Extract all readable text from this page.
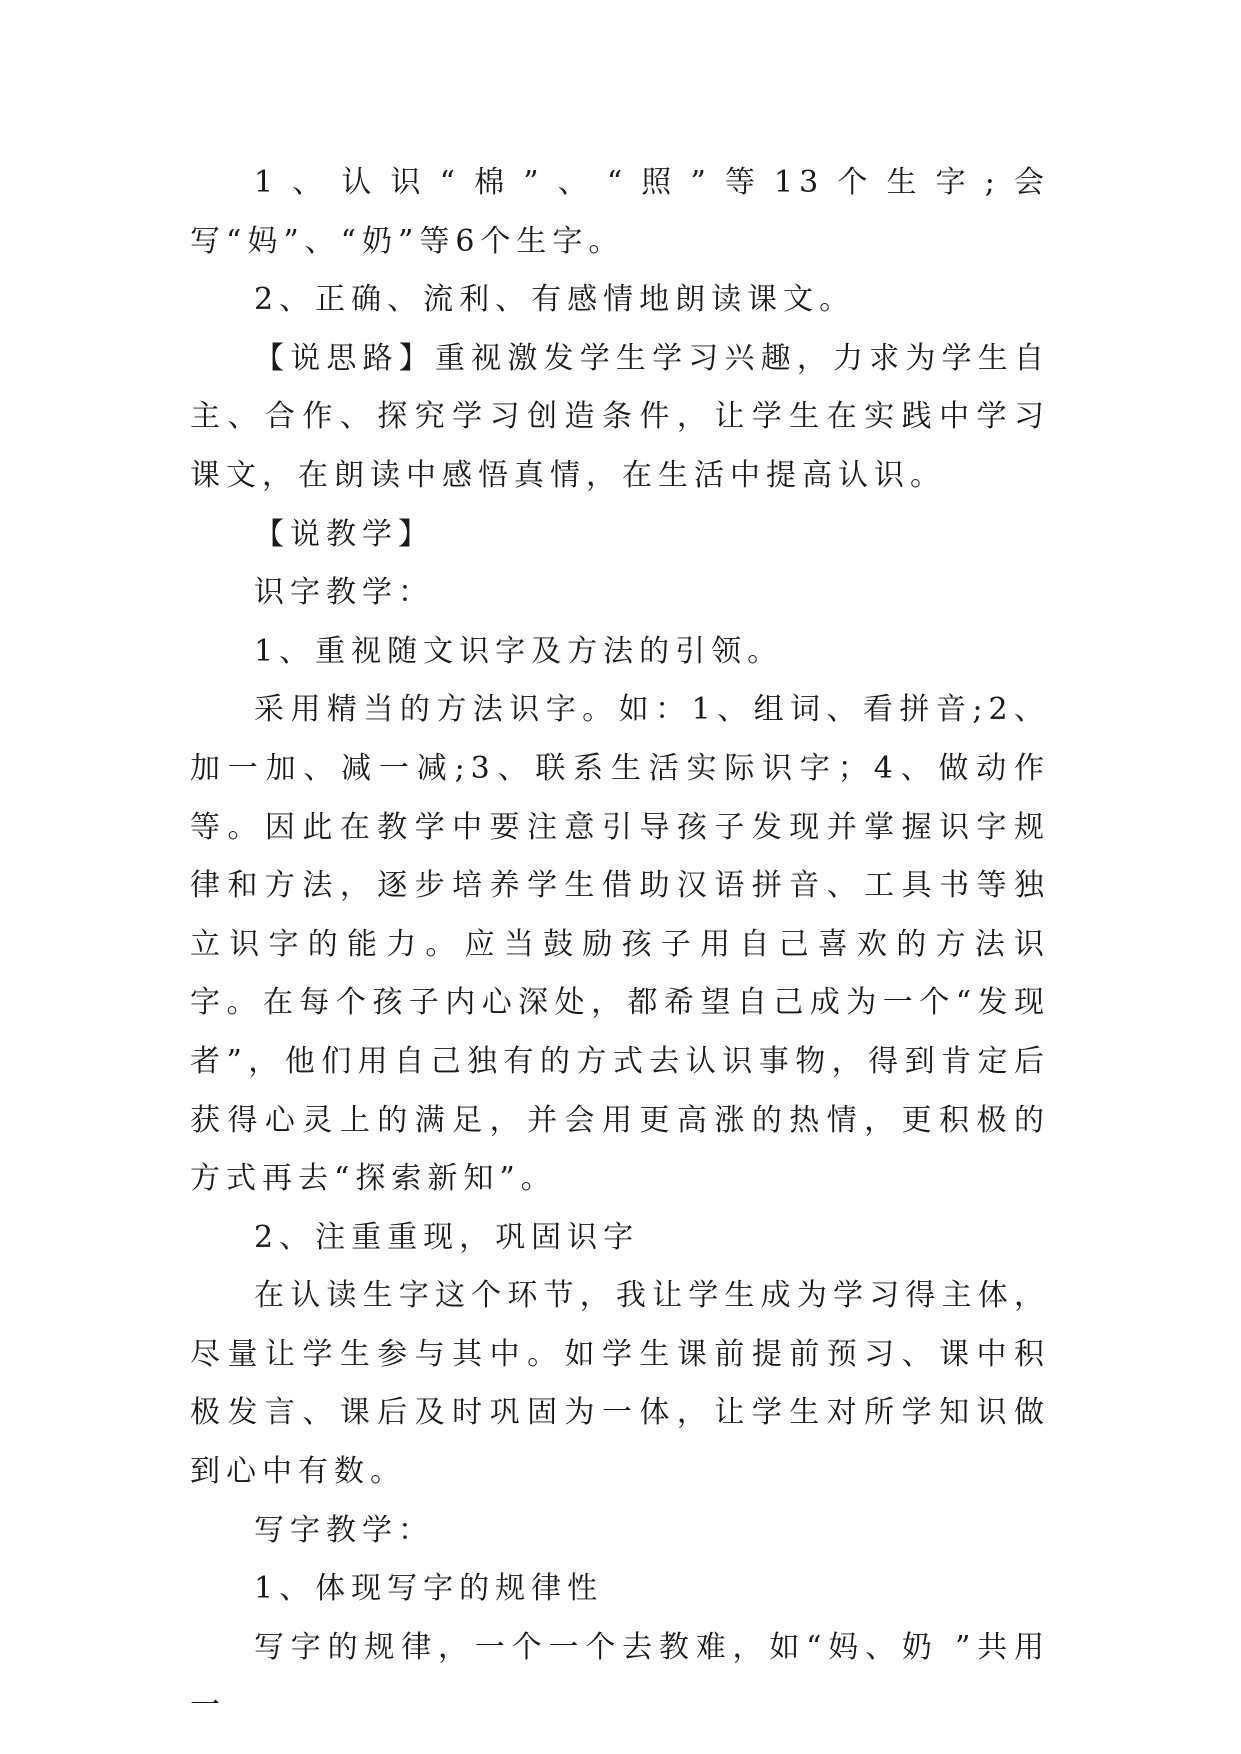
1、认识“棉”、“照”等13个生字;会写“妈”、“奶”等6个生字。

2、正确、流利、有感情地朗读课文。

【说思路】重视激发学生学习兴趣，力求为学生自主、合作、探究学习创造条件，让学生在实践中学习课文，在朗读中感悟真情，在生活中提高认识。

【说教学】

识字教学：

1、重视随文识字及方法的引领。

采用精当的方法识字。如：1、组词、看拼音;2、加一加、减一减;3、联系生活实际识字；4、做动作 等。因此在教学中要注意引导孩子发现并掌握识字规律和方法，逐步培养学生借助汉语拼音、工具书等独立识字的能力。应当鼓励孩子用自己喜欢的方法识字。在每个孩子内心深处，都希望自己成为一个“发现者”，他们用自己独有的方式去认识事物，得到肯定后获得心灵上的满足，并会用更高涨的热情，更积极的方式再去“探索新知”。

2、注重重现，巩固识字

在认读生字这个环节，我让学生成为学习得主体，尽量让学生参与其中。如学生课前提前预习、课中积极发言、课后及时巩固为一体，让学生对所学知识做到心中有数。

写字教学：

1、体现写字的规律性

写字的规律，一个一个去教难，如“妈、奶 ”共用一
